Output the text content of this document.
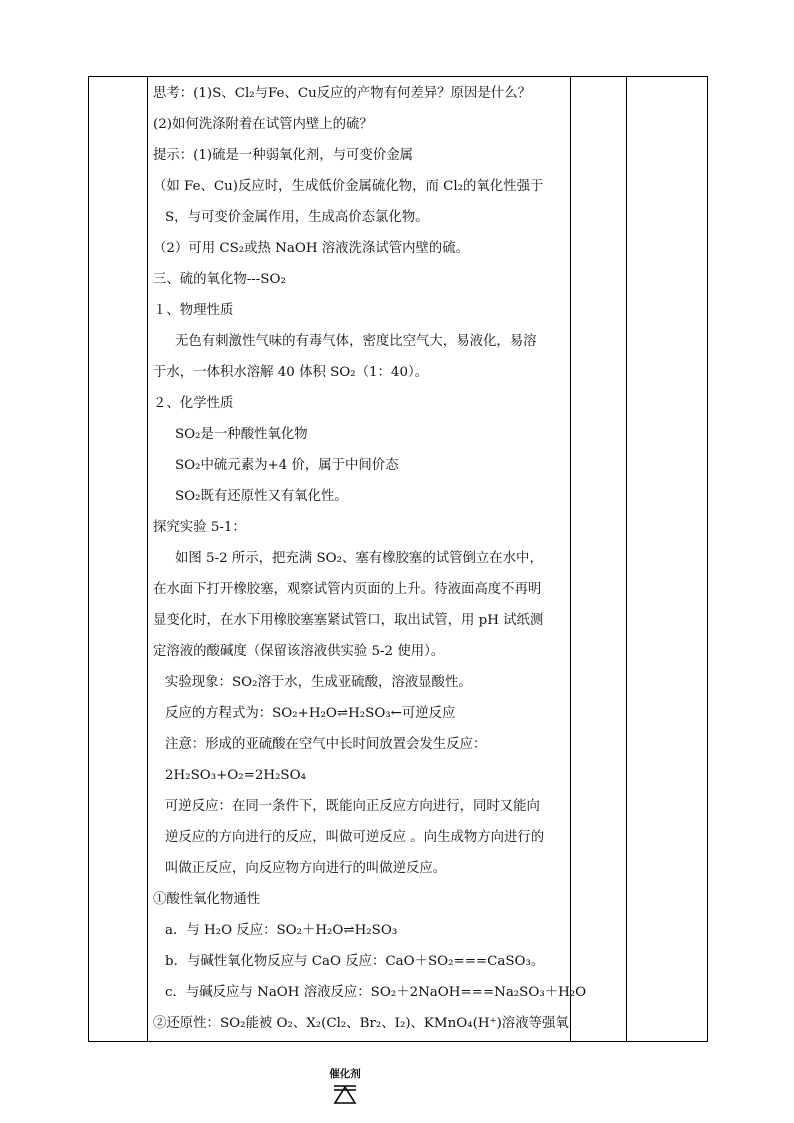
思考：(1)S、Cl₂与Fe、Cu反应的产物有何差异？原因是什么？
(2)如何洗涤附着在试管内壁上的硫？
提示：(1)硫是一种弱氧化剂，与可变价金属
（如 Fe、Cu)反应时，生成低价金属硫化物，而 Cl₂的氧化性强于
S，与可变价金属作用，生成高价态氯化物。
（2）可用 CS₂或热 NaOH 溶液洗涤试管内壁的硫。
三、硫的氧化物---SO₂
１、物理性质
无色有刺激性气味的有毒气体，密度比空气大，易液化，易溶
于水，一体积水溶解 40 体积 SO₂（1：40）。
２、化学性质
SO₂是一种酸性氧化物
SO₂中硫元素为+4 价，属于中间价态
SO₂既有还原性又有氧化性。
探究实验 5-1：
如图 5-2 所示，把充满 SO₂、塞有橡胶塞的试管倒立在水中，
在水面下打开橡胶塞，观察试管内页面的上升。待液面高度不再明
显变化时，在水下用橡胶塞塞紧试管口，取出试管，用 pH 试纸测
定溶液的酸碱度（保留该溶液供实验 5-2 使用）。
实验现象：SO₂溶于水，生成亚硫酸，溶液显酸性。
反应的方程式为：SO₂+H₂O⇌H₂SO₃←可逆反应
注意：形成的亚硫酸在空气中长时间放置会发生反应：
2H₂SO₃+O₂=2H₂SO₄
可逆反应：在同一条件下，既能向正反应方向进行，同时又能向
逆反应的方向进行的反应，叫做可逆反应 。向生成物方向进行的
叫做正反应，向反应物方向进行的叫做逆反应。
①酸性氧化物通性
a．与 H₂O 反应：SO₂＋H₂O⇌H₂SO₃
b．与碱性氧化物反应与 CaO 反应：CaO＋SO₂===CaSO₃。
c．与碱反应与 NaOH 溶液反应：SO₂＋2NaOH===Na₂SO₃＋H₂O
②还原性：SO₂能被 O₂、X₂(Cl₂、Br₂、I₂)、KMnO₄(H⁺)溶液等强氧
催化剂
